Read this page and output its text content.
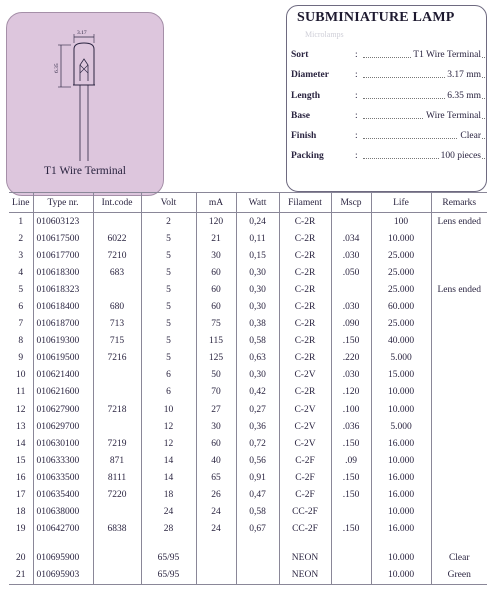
3.17
6.35
T1 Wire Terminal
SUBMINIATURE LAMP
Microlamps
Sort	:	T1 Wire Terminal
Diameter	:	3.17 mm
Length	:	6.35 mm
Base	:	Wire Terminal
Finish	:	Clear
Packing	:	100 pieces
Line	Type nr.	Int.code	Volt	mA	Watt	Filament	Mscp	Life	Remarks
1	010603123		2	120	0,24	C-2R		100	Lens ended
2	010617500	6022	5	21	0,11	C-2R	.034	10.000	
3	010617700	7210	5	30	0,15	C-2R	.030	25.000	
4	010618300	683	5	60	0,30	C-2R	.050	25.000	
5	010618323		5	60	0,30	C-2R		25.000	Lens ended
6	010618400	680	5	60	0,30	C-2R	.030	60.000	
7	010618700	713	5	75	0,38	C-2R	.090	25.000	
8	010619300	715	5	115	0,58	C-2R	.150	40.000	
9	010619500	7216	5	125	0,63	C-2R	.220	5.000	
10	010621400		6	50	0,30	C-2V	.030	15.000	
11	010621600		6	70	0,42	C-2R	.120	10.000	
12	010627900	7218	10	27	0,27	C-2V	.100	10.000	
13	010629700		12	30	0,36	C-2V	.036	5.000	
14	010630100	7219	12	60	0,72	C-2V	.150	16.000	
15	010633300	871	14	40	0,56	C-2F	.09	10.000	
16	010633500	8111	14	65	0,91	C-2F	.150	16.000	
17	010635400	7220	18	26	0,47	C-2F	.150	16.000	
18	010638000		24	24	0,58	CC-2F		10.000	
19	010642700	6838	28	24	0,67	CC-2F	.150	16.000	

20	010695900		65/95			NEON		10.000	Clear
21	010695903		65/95			NEON		10.000	Green
